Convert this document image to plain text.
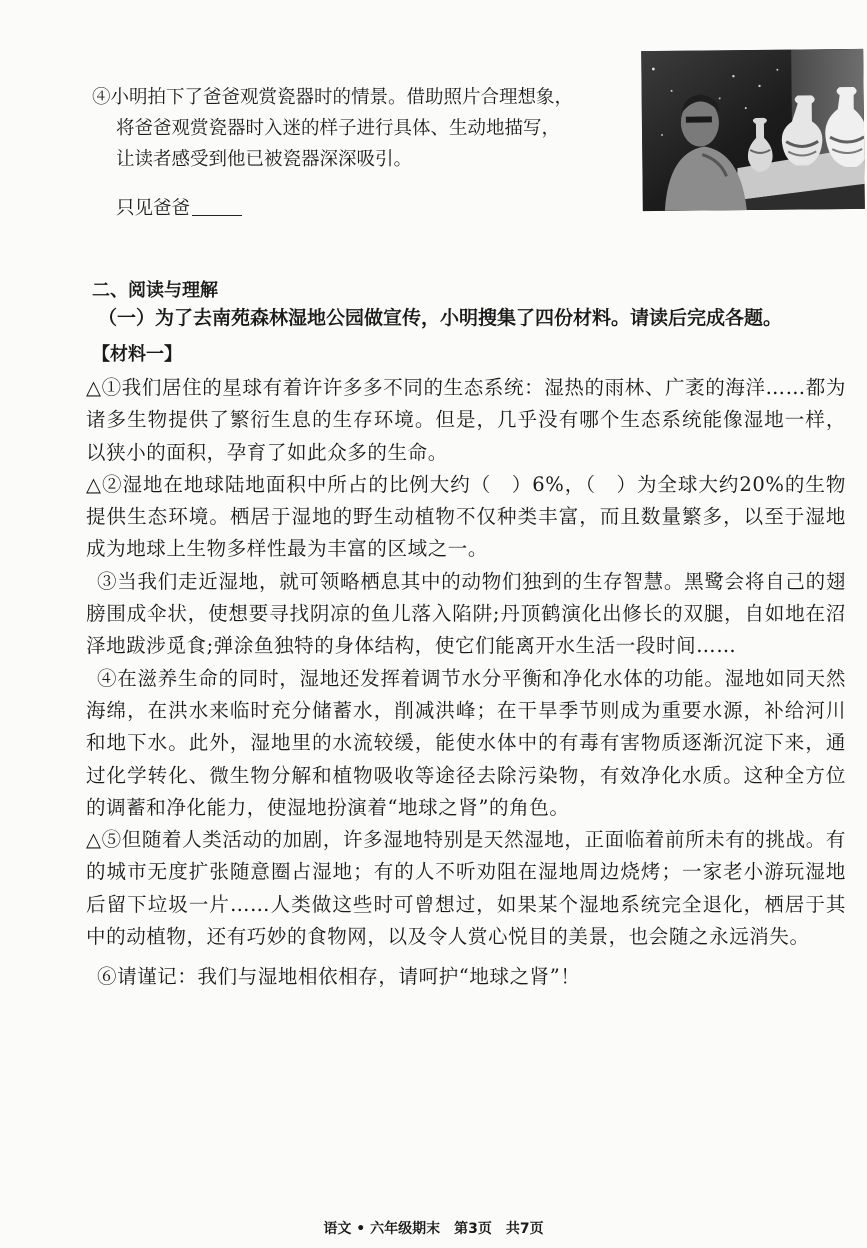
④小明拍下了爸爸观赏瓷器时的情景。借助照片合理想象，
将爸爸观赏瓷器时入迷的样子进行具体、生动地描写，
让读者感受到他已被瓷器深深吸引。
只见爸爸
二、阅读与理解
（一）为了去南苑森林湿地公园做宣传，小明搜集了四份材料。请读后完成各题。
【材料一】
△①我们居住的星球有着许许多多不同的生态系统：湿热的雨林、广袤的海洋……都为诸多生物提供了繁衍生息的生存环境。但是，几乎没有哪个生态系统能像湿地一样，以狭小的面积，孕育了如此众多的生命。
△②湿地在地球陆地面积中所占的比例大约（　）6%，（　）为全球大约20%的生物提供生态环境。栖居于湿地的野生动植物不仅种类丰富，而且数量繁多，以至于湿地成为地球上生物多样性最为丰富的区域之一。
③当我们走近湿地，就可领略栖息其中的动物们独到的生存智慧。黑鹭会将自己的翅膀围成伞状，使想要寻找阴凉的鱼儿落入陷阱;丹顶鹤演化出修长的双腿，自如地在沼泽地跋涉觅食;弹涂鱼独特的身体结构，使它们能离开水生活一段时间……
④在滋养生命的同时，湿地还发挥着调节水分平衡和净化水体的功能。湿地如同天然海绵，在洪水来临时充分储蓄水，削减洪峰；在干旱季节则成为重要水源，补给河川和地下水。此外，湿地里的水流较缓，能使水体中的有毒有害物质逐渐沉淀下来，通过化学转化、微生物分解和植物吸收等途径去除污染物，有效净化水质。这种全方位的调蓄和净化能力，使湿地扮演着“地球之肾”的角色。
△⑤但随着人类活动的加剧，许多湿地特别是天然湿地，正面临着前所未有的挑战。有的城市无度扩张随意圈占湿地；有的人不听劝阻在湿地周边烧烤；一家老小游玩湿地后留下垃圾一片……人类做这些时可曾想过，如果某个湿地系统完全退化，栖居于其中的动植物，还有巧妙的食物网，以及令人赏心悦目的美景，也会随之永远消失。
⑥请谨记：我们与湿地相依相存，请呵护“地球之肾”！
语文 • 六年级期末　第3页　共7页
